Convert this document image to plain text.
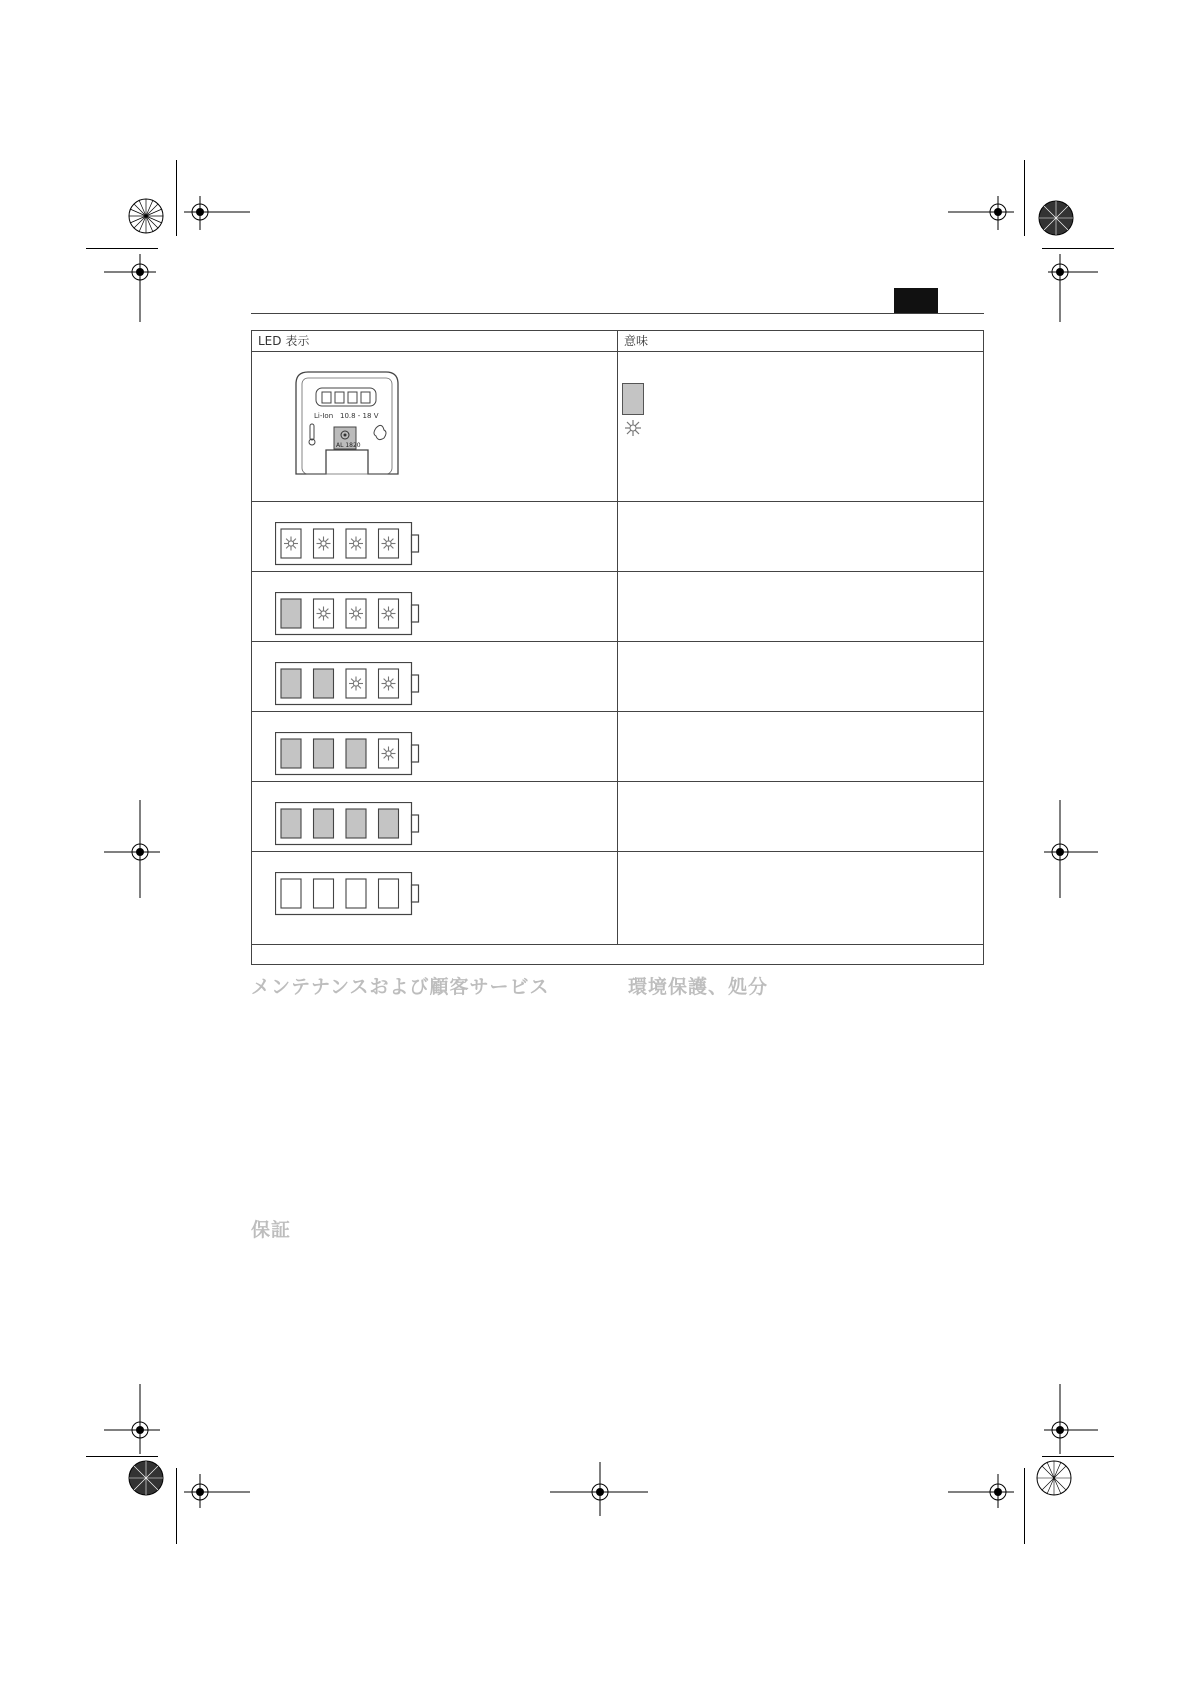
LED 表示	意味

Li-Ion 10.8 - 18 V
AL 1820

メンテナンスおよび顧客サービス	環境保護、処分
保証
